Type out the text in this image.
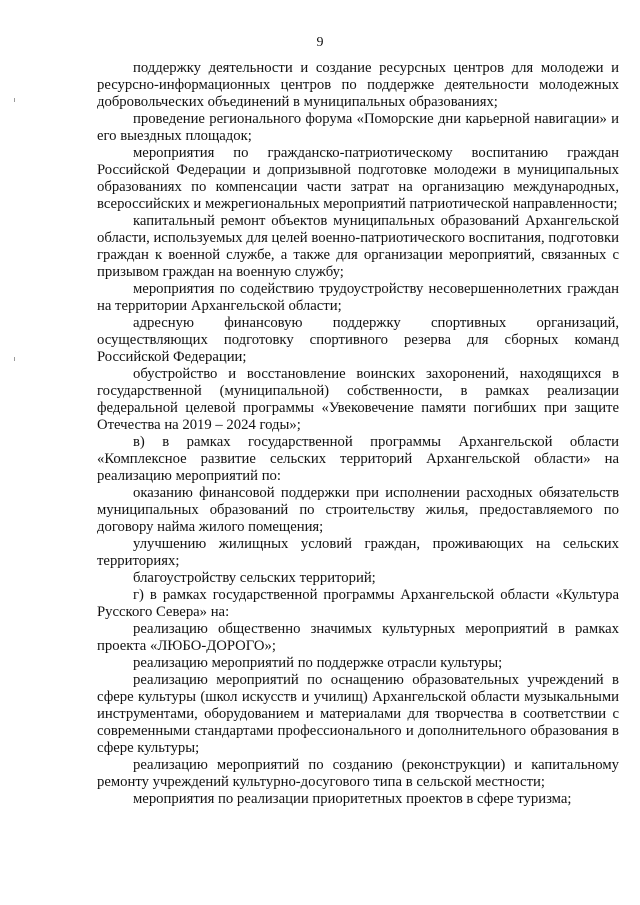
9

поддержку деятельности и создание ресурсных центров для молодежи и ресурсно-информационных центров по поддержке деятельности молодежных добровольческих объединений в муниципальных образованиях;

проведение регионального форума «Поморские дни карьерной навигации» и его выездных площадок;

мероприятия по гражданско-патриотическому воспитанию граждан Российской Федерации и допризывной подготовке молодежи в муниципальных образованиях по компенсации части затрат на организацию международных, всероссийских и межрегиональных мероприятий патриотической направленности;

капитальный ремонт объектов муниципальных образований Архангельской области, используемых для целей военно-патриотического воспитания, подготовки граждан к военной службе, а также для организации мероприятий, связанных с призывом граждан на военную службу;

мероприятия по содействию трудоустройству несовершеннолетних граждан на территории Архангельской области;

адресную финансовую поддержку спортивных организаций, осуществляющих подготовку спортивного резерва для сборных команд Российской Федерации;

обустройство и восстановление воинских захоронений, находящихся в государственной (муниципальной) собственности, в рамках реализации федеральной целевой программы «Увековечение памяти погибших при защите Отечества на 2019 – 2024 годы»;

в) в рамках государственной программы Архангельской области «Комплексное развитие сельских территорий Архангельской области» на реализацию мероприятий по:

оказанию финансовой поддержки при исполнении расходных обязательств муниципальных образований по строительству жилья, предоставляемого по договору найма жилого помещения;

улучшению жилищных условий граждан, проживающих на сельских территориях;

благоустройству сельских территорий;

г) в рамках государственной программы Архангельской области «Культура Русского Севера» на:

реализацию общественно значимых культурных мероприятий в рамках проекта «ЛЮБО-ДОРОГО»;

реализацию мероприятий по поддержке отрасли культуры;

реализацию мероприятий по оснащению образовательных учреждений в сфере культуры (школ искусств и училищ) Архангельской области музыкальными инструментами, оборудованием и материалами для творчества в соответствии с современными стандартами профессионального и дополнительного образования в сфере культуры;

реализацию мероприятий по созданию (реконструкции) и капитальному ремонту учреждений культурно-досугового типа в сельской местности;

мероприятия по реализации приоритетных проектов в сфере туризма;
